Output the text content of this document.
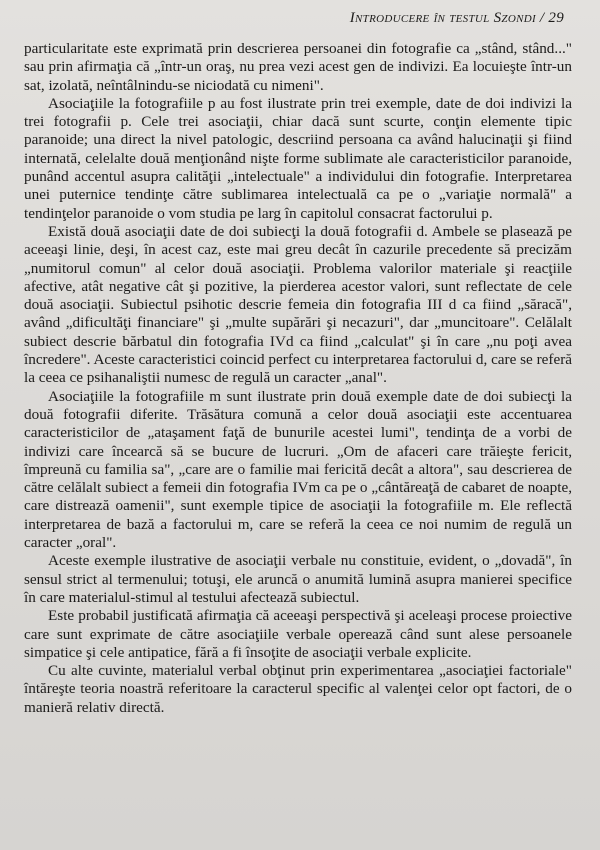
Introducere în testul Szondi / 29

particularitate este exprimată prin descrierea persoanei din fotografie ca „stând, stând..." sau prin afirmaţia că „într-un oraş, nu prea vezi acest gen de indivizi. Ea locuieşte într-un sat, izolată, neîntâlnindu-se niciodată cu nimeni".

Asociaţiile la fotografiile p au fost ilustrate prin trei exemple, date de doi indivizi la trei fotografii p. Cele trei asociaţii, chiar dacă sunt scurte, conţin elemente tipic paranoide; una direct la nivel patologic, descriind persoana ca având halucinaţii şi fiind internată, celelalte două menţionând nişte forme sublimate ale caracteristicilor paranoide, punând accentul asupra calităţii „intelectuale" a individului din fotografie. Interpretarea unei puternice tendinţe către sublimarea intelectuală ca pe o „variaţie normală" a tendinţelor paranoide o vom studia pe larg în capitolul consacrat factorului p.

Există două asociaţii date de doi subiecţi la două fotografii d. Ambele se plasează pe aceeaşi linie, deşi, în acest caz, este mai greu decât în cazurile precedente să precizăm „numitorul comun" al celor două asociaţii. Problema valorilor materiale şi reacţiile afective, atât negative cât şi pozitive, la pierderea acestor valori, sunt reflectate de cele două asociaţii. Subiectul psihotic descrie femeia din fotografia III d ca fiind „săracă", având „dificultăţi financiare" şi „multe supărări şi necazuri", dar „muncitoare". Celălalt subiect descrie bărbatul din fotografia IVd ca fiind „calculat" şi în care „nu poţi avea încredere". Aceste caracteristici coincid perfect cu interpretarea factorului d, care se referă la ceea ce psihanaliştii numesc de regulă un caracter „anal".

Asociaţiile la fotografiile m sunt ilustrate prin două exemple date de doi subiecţi la două fotografii diferite. Trăsătura comună a celor două asociaţii este accentuarea caracteristicilor de „ataşament faţă de bunurile acestei lumi", tendinţa de a vorbi de indivizi care încearcă să se bucure de lucruri. „Om de afaceri care trăieşte fericit, împreună cu familia sa", „care are o familie mai fericită decât a altora", sau descrierea de către celălalt subiect a femeii din fotografia IVm ca pe o „cântăreaţă de cabaret de noapte, care distrează oamenii", sunt exemple tipice de asociaţii la fotografiile m. Ele reflectă interpretarea de bază a factorului m, care se referă la ceea ce noi numim de regulă un caracter „oral".

Aceste exemple ilustrative de asociaţii verbale nu constituie, evident, o „dovadă", în sensul strict al termenului; totuşi, ele aruncă o anumită lumină asupra manierei specifice în care materialul-stimul al testului afectează subiectul.

Este probabil justificată afirmaţia că aceeaşi perspectivă şi aceleaşi procese proiective care sunt exprimate de către asociaţiile verbale operează când sunt alese persoanele simpatice şi cele antipatice, fără a fi însoţite de asociaţii verbale explicite.

Cu alte cuvinte, materialul verbal obţinut prin experimentarea „asociaţiei factoriale" întăreşte teoria noastră referitoare la caracterul specific al valenţei celor opt factori, de o manieră relativ directă.
